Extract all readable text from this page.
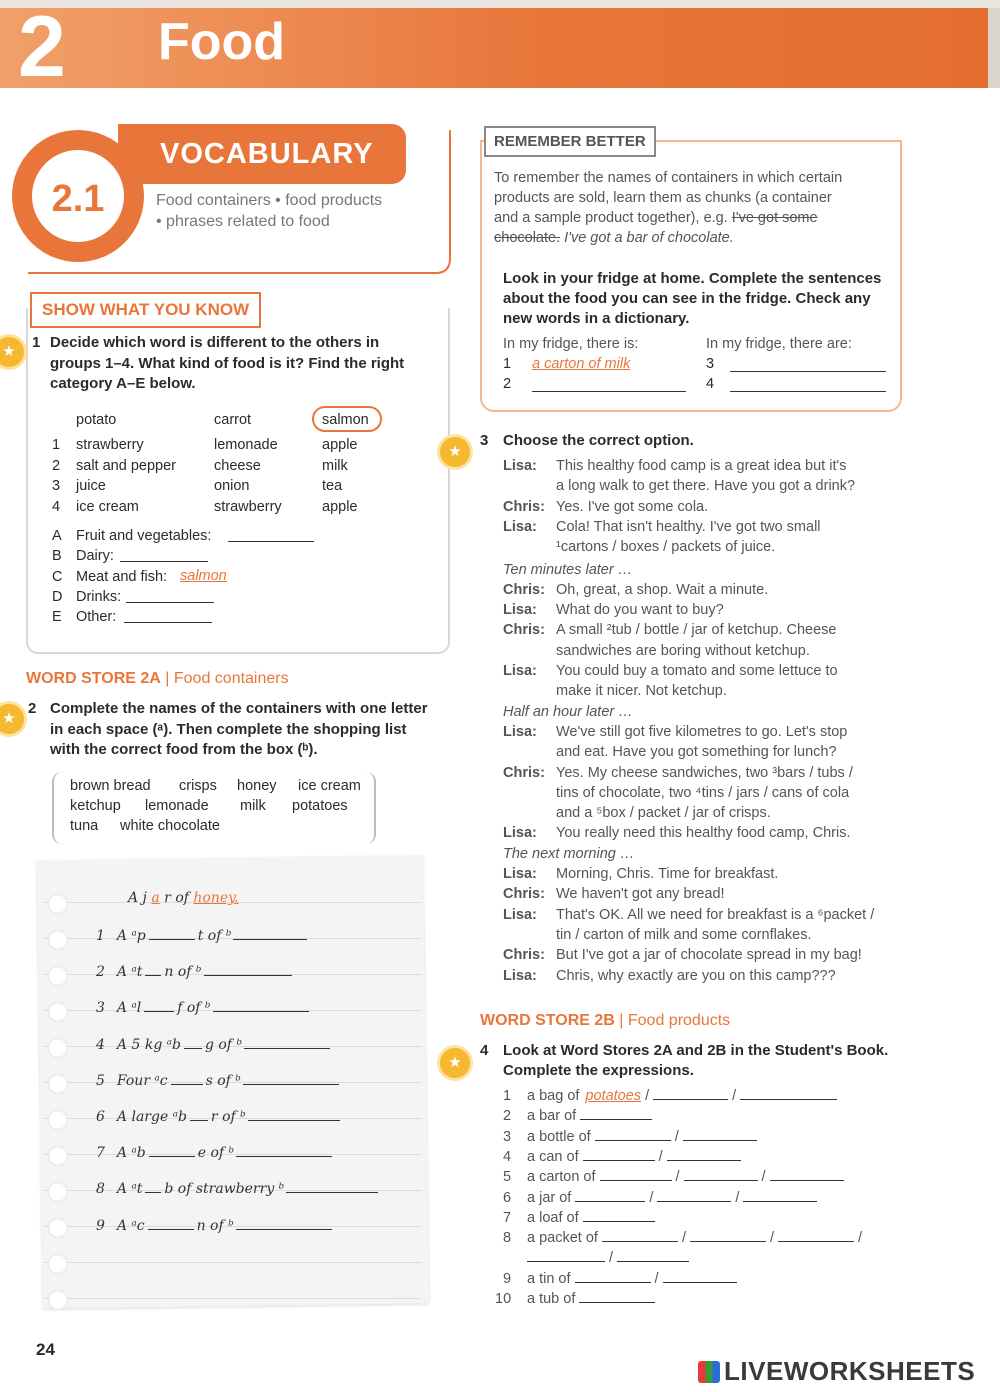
2 Food
2.1
VOCABULARY
Food containers • food products
• phrases related to food
SHOW WHAT YOU KNOW
★
1 Decide which word is different to the others in
groups 1–4. What kind of food is it? Find the right
category A–E below.
potato	carrot	salmon
1 strawberry	lemonade	apple
2 salt and pepper	cheese	milk
3 juice	onion	tea
4 ice cream	strawberry	apple
A Fruit and vegetables:
B Dairy:
C Meat and fish:
D Drinks:
E Other:
salmon
WORD STORE 2A | Food containers
★
2 Complete the names of the containers with one letter
in each space (ᵃ). Then complete the shopping list
with the correct food from the box (ᵇ).
brown bread crisps honey ice cream
ketchup lemonade milk potatoes
tuna white chocolate
A j a r of honey.
1 A ᵃp	t of ᵇ
2 A ᵃt n of ᵇ
3 A ᵃl	f of ᵇ
4 A 5 kg ᵃb g of ᵇ
5 Four ᵃc	s of ᵇ
6 A large ᵃb r of ᵇ
7 A ᵃb	e of ᵇ
8 A ᵃt b of strawberry ᵇ
9 A ᵃc	n of ᵇ
REMEMBER BETTER
To remember the names of containers in which certain
products are sold, learn them as chunks (a container
and a sample product together), e.g. I've got some
chocolate. I've got a bar of chocolate.
Look in your fridge at home. Complete the sentences
about the food you can see in the fridge. Check any
new words in a dictionary.
In my fridge, there is:	In my fridge, there are:
1 a carton of milk	3
2	4
★
3 Choose the correct option.
Lisa: This healthy food camp is a great idea but it's
a long walk to get there. Have you got a drink?
Chris: Yes. I've got some cola.
Lisa: Cola! That isn't healthy. I've got two small
¹cartons / boxes / packets of juice.
Ten minutes later …
Chris: Oh, great, a shop. Wait a minute.
Lisa: What do you want to buy?
Chris: A small ²tub / bottle / jar of ketchup. Cheese
sandwiches are boring without ketchup.
Lisa: You could buy a tomato and some lettuce to
make it nicer. Not ketchup.
Half an hour later …
Lisa: We've still got five kilometres to go. Let's stop
and eat. Have you got something for lunch?
Chris: Yes. My cheese sandwiches, two ³bars / tubs /
tins of chocolate, two ⁴tins / jars / cans of cola
and a ⁵box / packet / jar of crisps.
Lisa: You really need this healthy food camp, Chris.
The next morning …
Lisa: Morning, Chris. Time for breakfast.
Chris: We haven't got any bread!
Lisa: That's OK. All we need for breakfast is a ⁶packet /
tin / carton of milk and some cornflakes.
Chris: But I've got a jar of chocolate spread in my bag!
Lisa: Chris, why exactly are you on this camp???
WORD STORE 2B | Food products
★
4 Look at Word Stores 2A and 2B in the Student's Book.
Complete the expressions.
1 a bag of potatoes /	/
2 a bar of
3 a bottle of	/
4 a can of	/
5 a carton of	/	/
6 a jar of	/	/
7 a loaf of
8 a packet of	/	/	/
9 a tin of	/
10 a tub of
/
24
LIVEWORKSHEETS
